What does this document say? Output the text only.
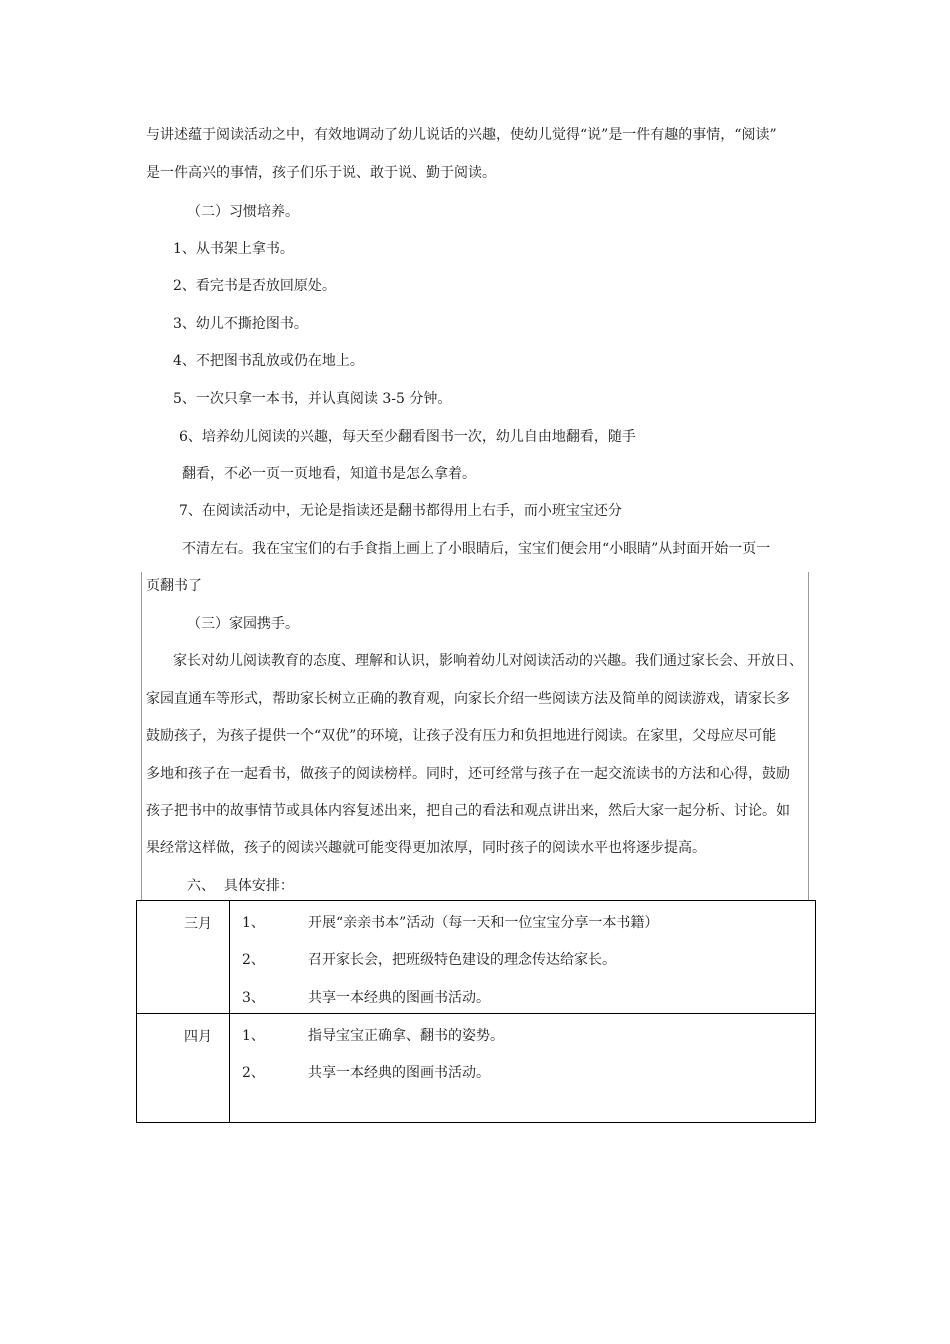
与讲述蕴于阅读活动之中，有效地调动了幼儿说话的兴趣，使幼儿觉得“说”是一件有趣的事情，“阅读”
是一件高兴的事情，孩子们乐于说、敢于说、勤于阅读。
（二）习惯培养。
1、从书架上拿书。
2、看完书是否放回原处。
3、幼儿不撕抢图书。
4、不把图书乱放或仍在地上。
5、一次只拿一本书，并认真阅读 3-5 分钟。
6、培养幼儿阅读的兴趣，每天至少翻看图书一次，幼儿自由地翻看，随手
翻看，不必一页一页地看，知道书是怎么拿着。
7、在阅读活动中，无论是指读还是翻书都得用上右手，而小班宝宝还分
不清左右。我在宝宝们的右手食指上画上了小眼睛后，宝宝们便会用“小眼睛”从封面开始一页一
页翻书了
（三）家园携手。
家长对幼儿阅读教育的态度、理解和认识，影响着幼儿对阅读活动的兴趣。我们通过家长会、开放日、
家园直通车等形式，帮助家长树立正确的教育观，向家长介绍一些阅读方法及简单的阅读游戏，请家长多
鼓励孩子，为孩子提供一个“双优”的环境，让孩子没有压力和负担地进行阅读。在家里，父母应尽可能
多地和孩子在一起看书，做孩子的阅读榜样。同时，还可经常与孩子在一起交流读书的方法和心得，鼓励
孩子把书中的故事情节或具体内容复述出来，把自己的看法和观点讲出来，然后大家一起分析、讨论。如
果经常这样做，孩子的阅读兴趣就可能变得更加浓厚，同时孩子的阅读水平也将逐步提高。
六、  具体安排：
三月 1、	开展“亲亲书本”活动（每一天和一位宝宝分享一本书籍）
2、	召开家长会，把班级特色建设的理念传达给家长。
3、	共享一本经典的图画书活动。
四月 1、	指导宝宝正确拿、翻书的姿势。
2、	共享一本经典的图画书活动。
